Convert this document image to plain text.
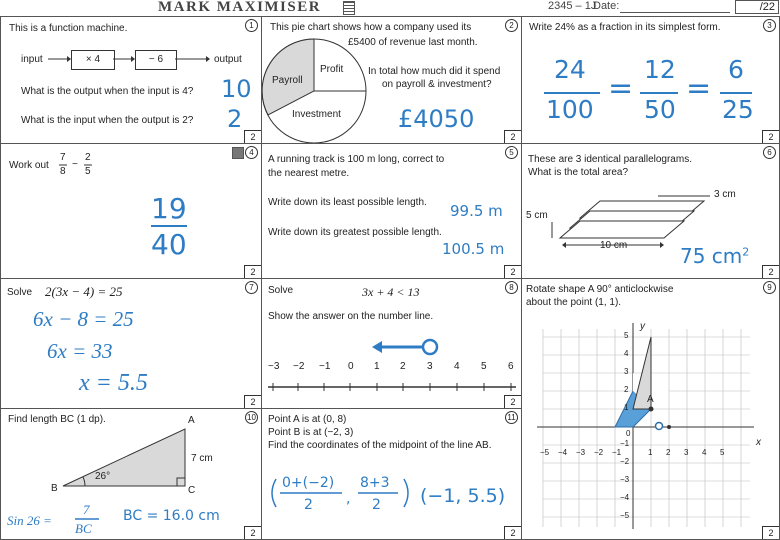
MARK MAXIMISER	2345 – 1J
Date:	/22
1
This is a function machine.
input	× 4	− 6	output
What is the output when the input is 4? 10
What is the input when the output is 2? 2
2
2
This pie chart shows how a company used its
£5400 of revenue last month.
Profit
Payroll
Investment
In total how much did it spend
on payroll & investment?
£4050
2
3
Write 24% as a fraction in its simplest form.
24
100
=
12
50
=
6
25
2
4
Work out
7
8
−
2
5
19
40
2
5
A running track is 100 m long, correct to
the nearest metre.
Write down its least possible length. 99.5 m
Write down its greatest possible length.
100.5 m
2
6
These are 3 identical parallelograms.
What is the total area?
3 cm
5 cm
10 cm	75 $cm^2$
2
7
Solve 2(3x − 4) = 25
6x − 8 = 25
6x = 33
x = 5.5
2
8
Solve	3x + 4 < 13
Show the answer on the number line.
−3 −2 −1 0 1 2 3 4 5 6
2
9
Rotate shape A 90° anticlockwise
about the point (1, 1).
y
x
A
−5 −4 −3 −2 −1
0
1 2 3 4 5
5
4
3
2
1
−1
−2
−3
−4
−5
2
10
Find length BC (1 dp).	A
B	C
7 cm
26°
Sin 26 =
7
BC
BC = 16.0 cm
2
11
Point A is at (0, 8)
Point B is at (−2, 3)
Find the coordinates of the midpoint of the line AB.
0+(−2)
2 ,
8+3
2 (−1, 5.5)
2
